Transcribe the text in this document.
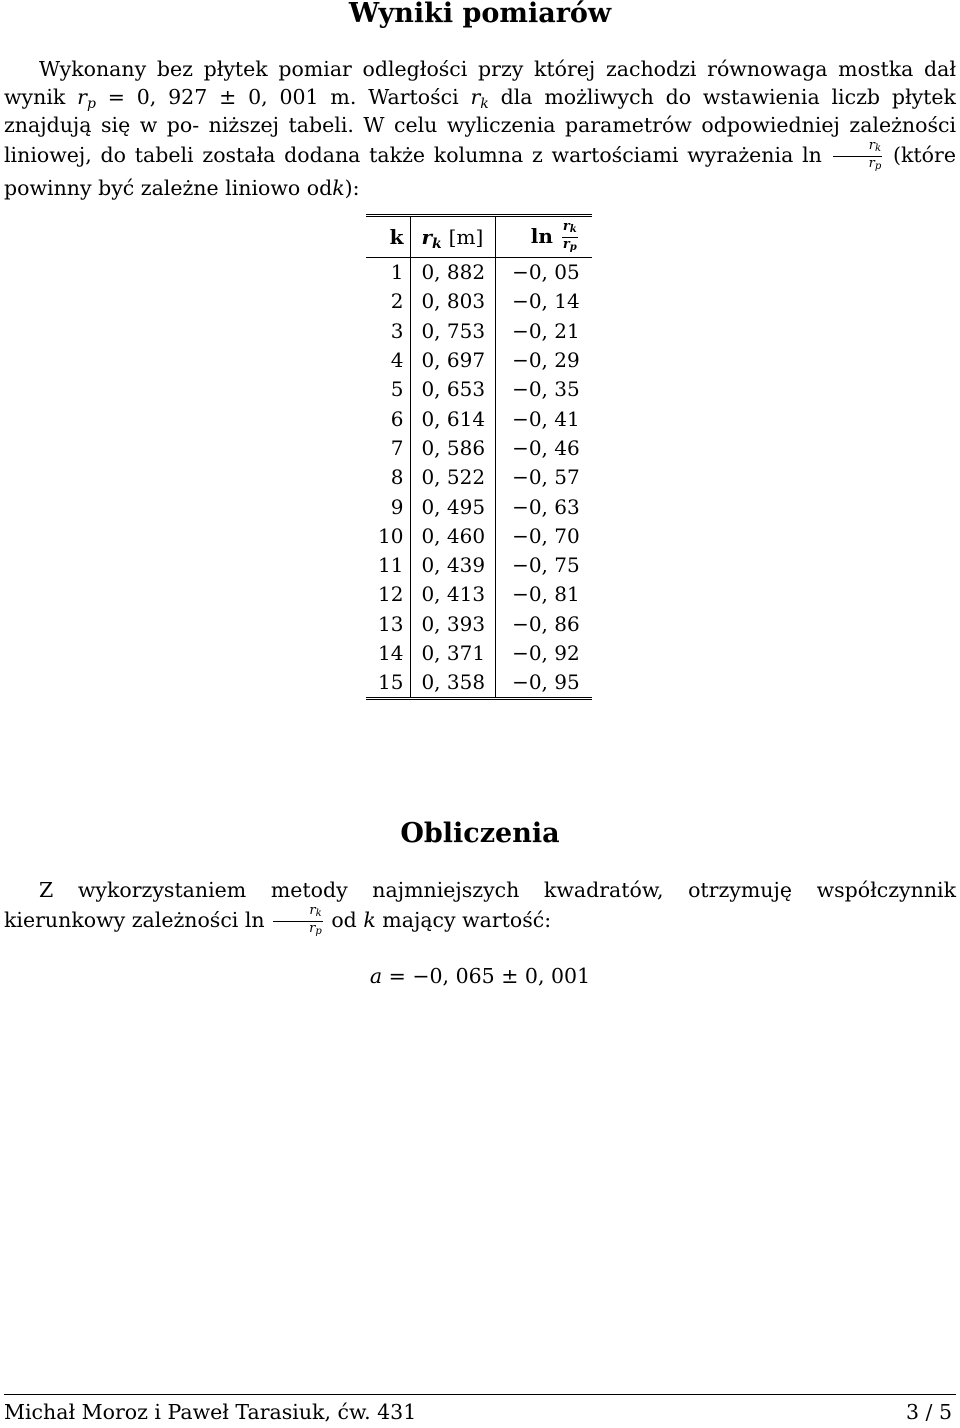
Wyniki pomiarów

Wykonany bez płytek pomiar odległości przy której zachodzi równowaga mostka dał wynik $r_p = 0$, 927 ± 0, 001 m. Wartości $r_k$ dla możliwych do wstawienia liczb płytek znajdują się w po- niższej tabeli. W celu wyliczenia parametrów odpowiedniej zależności liniowej, do tabeli została dodana także kolumna z wartościami wyrażenia $\ln \frac{rk}{rp}$ (które powinny być zależne liniowo odk):

k	$r_k$ [m]	$\ln \frac{rk}{rp}$

1	0, 882	−0, 05
2	0, 803	−0, 14
3	0, 753	−0, 21
4	0, 697	−0, 29
5	0, 653	−0, 35
6	0, 614	−0, 41
7	0, 586	−0, 46
8	0, 522	−0, 57
9	0, 495	−0, 63
10	0, 460	−0, 70
11	0, 439	−0, 75
12	0, 413	−0, 81
13	0, 393	−0, 86
14	0, 371	−0, 92
15	0, 358	−0, 95
Obliczenia

Z wykorzystaniem metody najmniejszych kwadratów, otrzymuję współczynnik kierunkowy zależności $\ln \frac{rk}{rp}$ od k mający wartość:

a = −0, 065 ± 0, 001
Michał Moroz i Paweł Tarasiuk, ćw. 431	3 / 5
